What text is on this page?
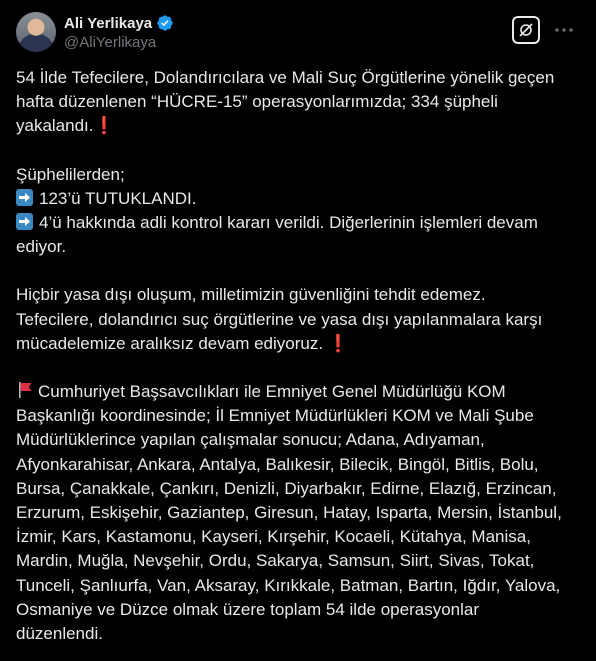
Ali Yerlikaya
@AliYerlikaya
54 İlde Tefecilere, Dolandırıcılara ve Mali Suç Örgütlerine yönelik geçen
hafta düzenlenen “HÜCRE-15” operasyonlarımızda; 334 şüpheli
yakalandı.❗
Şüphelilerden;
123’ü TUTUKLANDI.
4’ü hakkında adli kontrol kararı verildi. Diğerlerinin işlemleri devam
ediyor.
Hiçbir yasa dışı oluşum, milletimizin güvenliğini tehdit edemez.
Tefecilere, dolandırıcı suç örgütlerine ve yasa dışı yapılanmalara karşı
mücadelemize aralıksız devam ediyoruz. ❗
Cumhuriyet Başsavcılıkları ile Emniyet Genel Müdürlüğü KOM
Başkanlığı koordinesinde; İl Emniyet Müdürlükleri KOM ve Mali Şube
Müdürlüklerince yapılan çalışmalar sonucu; Adana, Adıyaman,
Afyonkarahisar, Ankara, Antalya, Balıkesir, Bilecik, Bingöl, Bitlis, Bolu,
Bursa, Çanakkale, Çankırı, Denizli, Diyarbakır, Edirne, Elazığ, Erzincan,
Erzurum, Eskişehir, Gaziantep, Giresun, Hatay, Isparta, Mersin, İstanbul,
İzmir, Kars, Kastamonu, Kayseri, Kırşehir, Kocaeli, Kütahya, Manisa,
Mardin, Muğla, Nevşehir, Ordu, Sakarya, Samsun, Siirt, Sivas, Tokat,
Tunceli, Şanlıurfa, Van, Aksaray, Kırıkkale, Batman, Bartın, Iğdır, Yalova,
Osmaniye ve Düzce olmak üzere toplam 54 ilde operasyonlar
düzenlendi.
